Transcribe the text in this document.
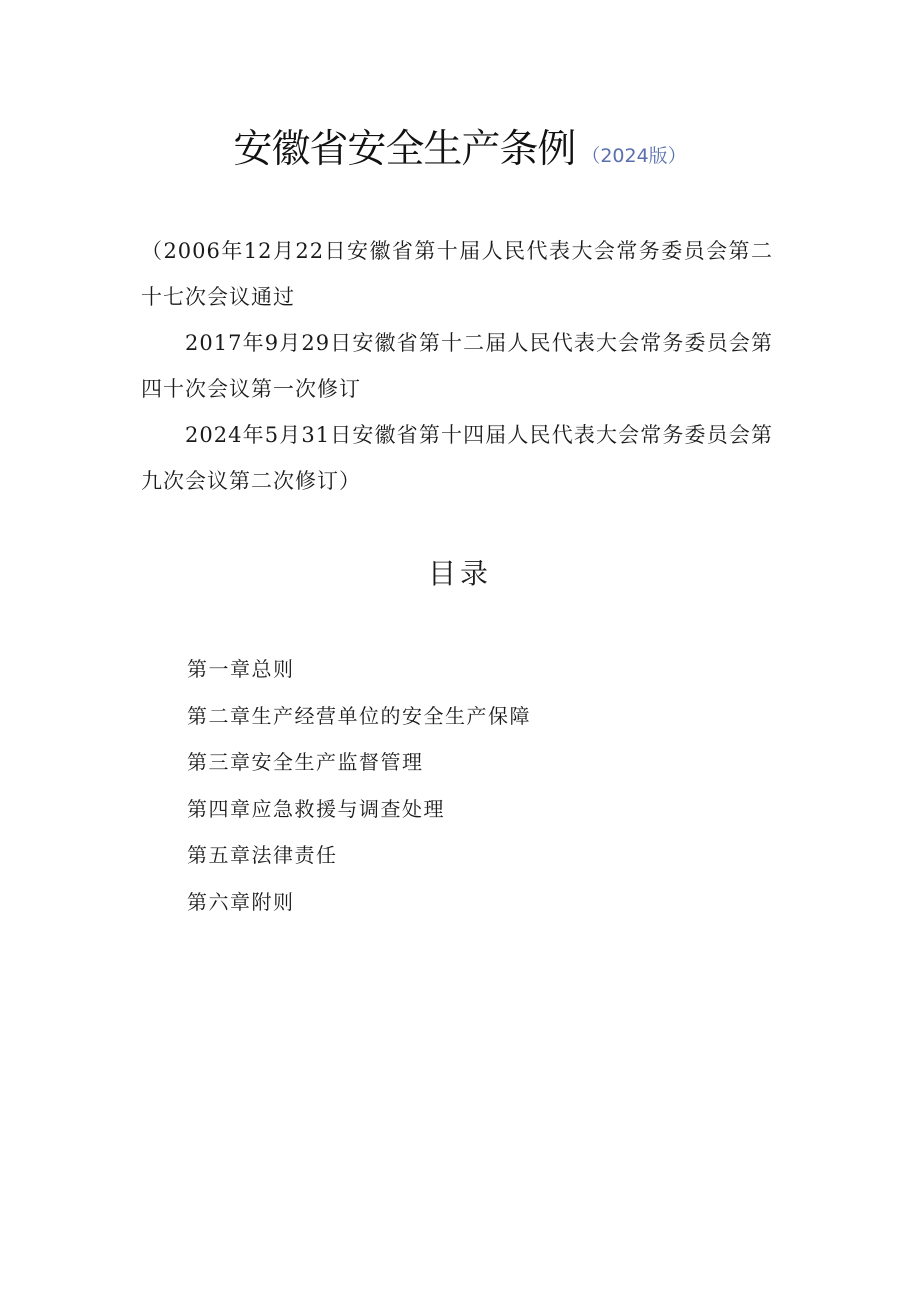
安徽省安全生产条例 （2024版）

（2006年12月22日安徽省第十届人民代表大会常务委员会第二十七次会议通过

2017年9月29日安徽省第十二届人民代表大会常务委员会第四十次会议第一次修订

2024年5月31日安徽省第十四届人民代表大会常务委员会第九次会议第二次修订）

目录
第一章总则
第二章生产经营单位的安全生产保障
第三章安全生产监督管理
第四章应急救援与调查处理
第五章法律责任
第六章附则
